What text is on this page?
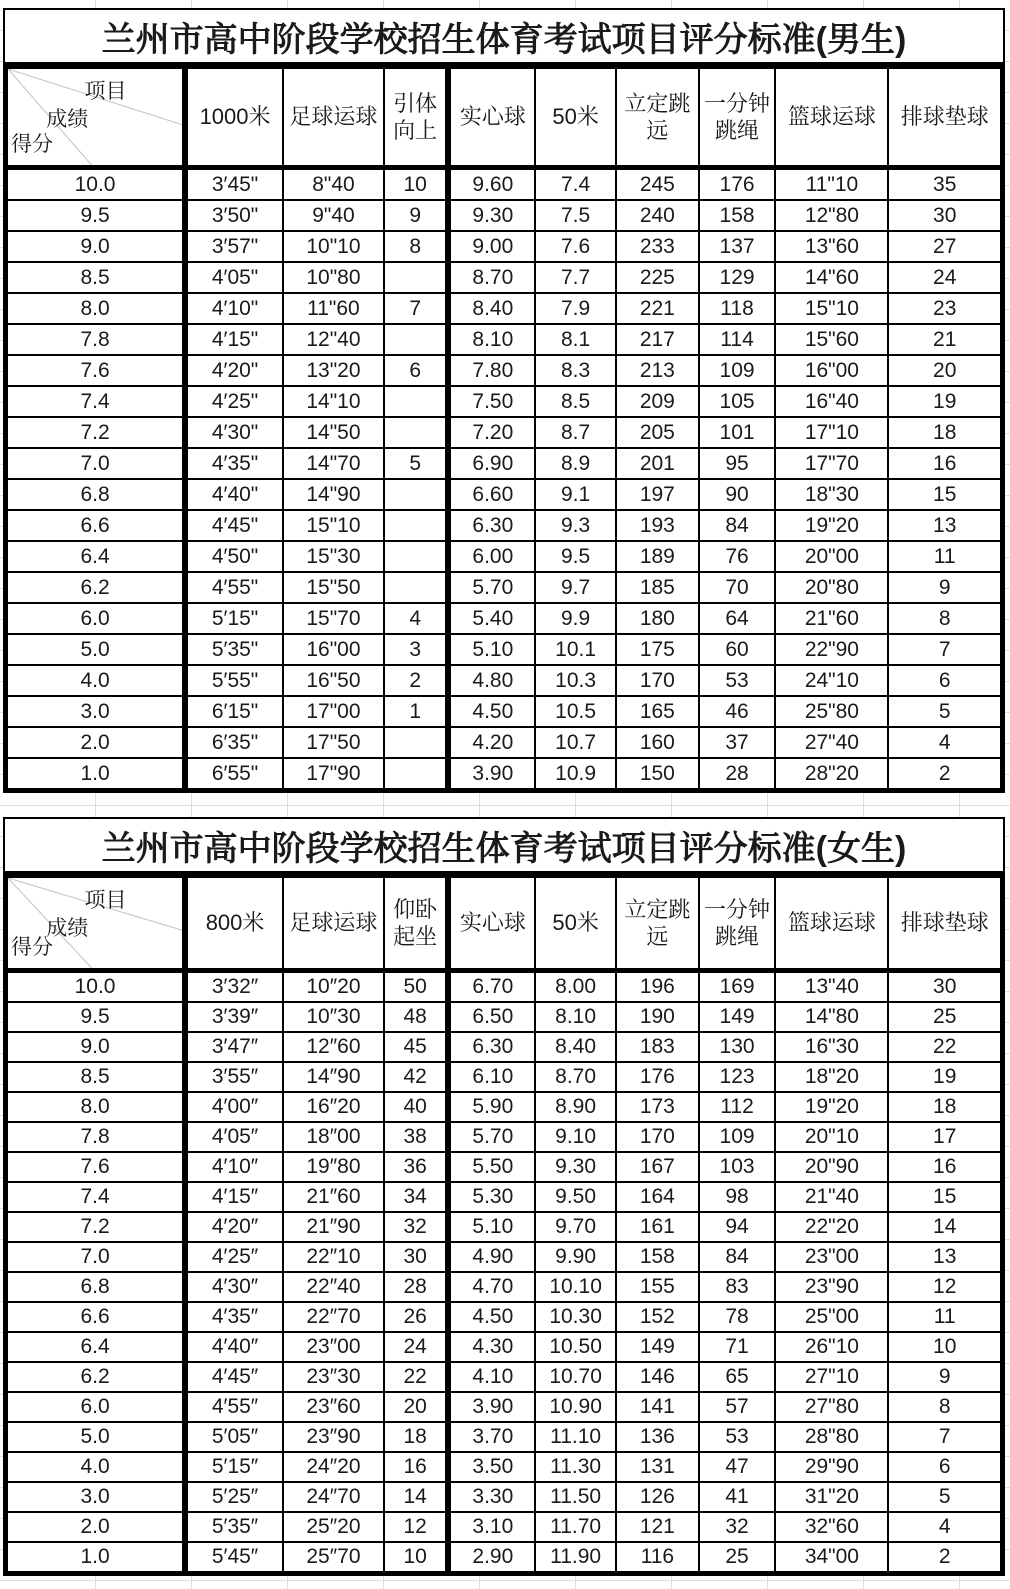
兰州市高中阶段学校招生体育考试项目评分标准(男生)
项目
成绩
得分	1000米	足球运球	引体向上	实心球	50米	立定跳远	一分钟跳绳	篮球运球	排球垫球
10.0	3′45"	8"40	10	9.60	7.4	245	176	11"10	35
9.5	3′50"	9"40	9	9.30	7.5	240	158	12"80	30
9.0	3′57"	10"10	8	9.00	7.6	233	137	13"60	27
8.5	4′05"	10"80		8.70	7.7	225	129	14"60	24
8.0	4′10"	11"60	7	8.40	7.9	221	118	15"10	23
7.8	4′15"	12"40		8.10	8.1	217	114	15"60	21
7.6	4′20"	13"20	6	7.80	8.3	213	109	16"00	20
7.4	4′25"	14"10		7.50	8.5	209	105	16"40	19
7.2	4′30"	14"50		7.20	8.7	205	101	17"10	18
7.0	4′35"	14"70	5	6.90	8.9	201	95	17"70	16
6.8	4′40"	14"90		6.60	9.1	197	90	18"30	15
6.6	4′45"	15"10		6.30	9.3	193	84	19"20	13
6.4	4′50"	15"30		6.00	9.5	189	76	20"00	11
6.2	4′55"	15"50		5.70	9.7	185	70	20"80	9
6.0	5′15"	15"70	4	5.40	9.9	180	64	21"60	8
5.0	5′35"	16"00	3	5.10	10.1	175	60	22"90	7
4.0	5′55"	16"50	2	4.80	10.3	170	53	24"10	6
3.0	6′15"	17"00	1	4.50	10.5	165	46	25"80	5
2.0	6′35"	17"50		4.20	10.7	160	37	27"40	4
1.0	6′55"	17"90		3.90	10.9	150	28	28"20	2
兰州市高中阶段学校招生体育考试项目评分标准(女生)
项目
成绩
得分	800米	足球运球	仰卧起坐	实心球	50米	立定跳远	一分钟跳绳	篮球运球	排球垫球
10.0	3′32″	10″20	50	6.70	8.00	196	169	13"40	30
9.5	3′39″	10″30	48	6.50	8.10	190	149	14"80	25
9.0	3′47″	12″60	45	6.30	8.40	183	130	16"30	22
8.5	3′55″	14″90	42	6.10	8.70	176	123	18"20	19
8.0	4′00″	16″20	40	5.90	8.90	173	112	19"20	18
7.8	4′05″	18″00	38	5.70	9.10	170	109	20"10	17
7.6	4′10″	19″80	36	5.50	9.30	167	103	20"90	16
7.4	4′15″	21″60	34	5.30	9.50	164	98	21"40	15
7.2	4′20″	21″90	32	5.10	9.70	161	94	22"20	14
7.0	4′25″	22″10	30	4.90	9.90	158	84	23"00	13
6.8	4′30″	22″40	28	4.70	10.10	155	83	23"90	12
6.6	4′35″	22″70	26	4.50	10.30	152	78	25"00	11
6.4	4′40″	23″00	24	4.30	10.50	149	71	26"10	10
6.2	4′45″	23″30	22	4.10	10.70	146	65	27"10	9
6.0	4′55″	23″60	20	3.90	10.90	141	57	27"80	8
5.0	5′05″	23″90	18	3.70	11.10	136	53	28"80	7
4.0	5′15″	24″20	16	3.50	11.30	131	47	29"90	6
3.0	5′25″	24″70	14	3.30	11.50	126	41	31"20	5
2.0	5′35″	25″20	12	3.10	11.70	121	32	32"60	4
1.0	5′45″	25″70	10	2.90	11.90	116	25	34"00	2
